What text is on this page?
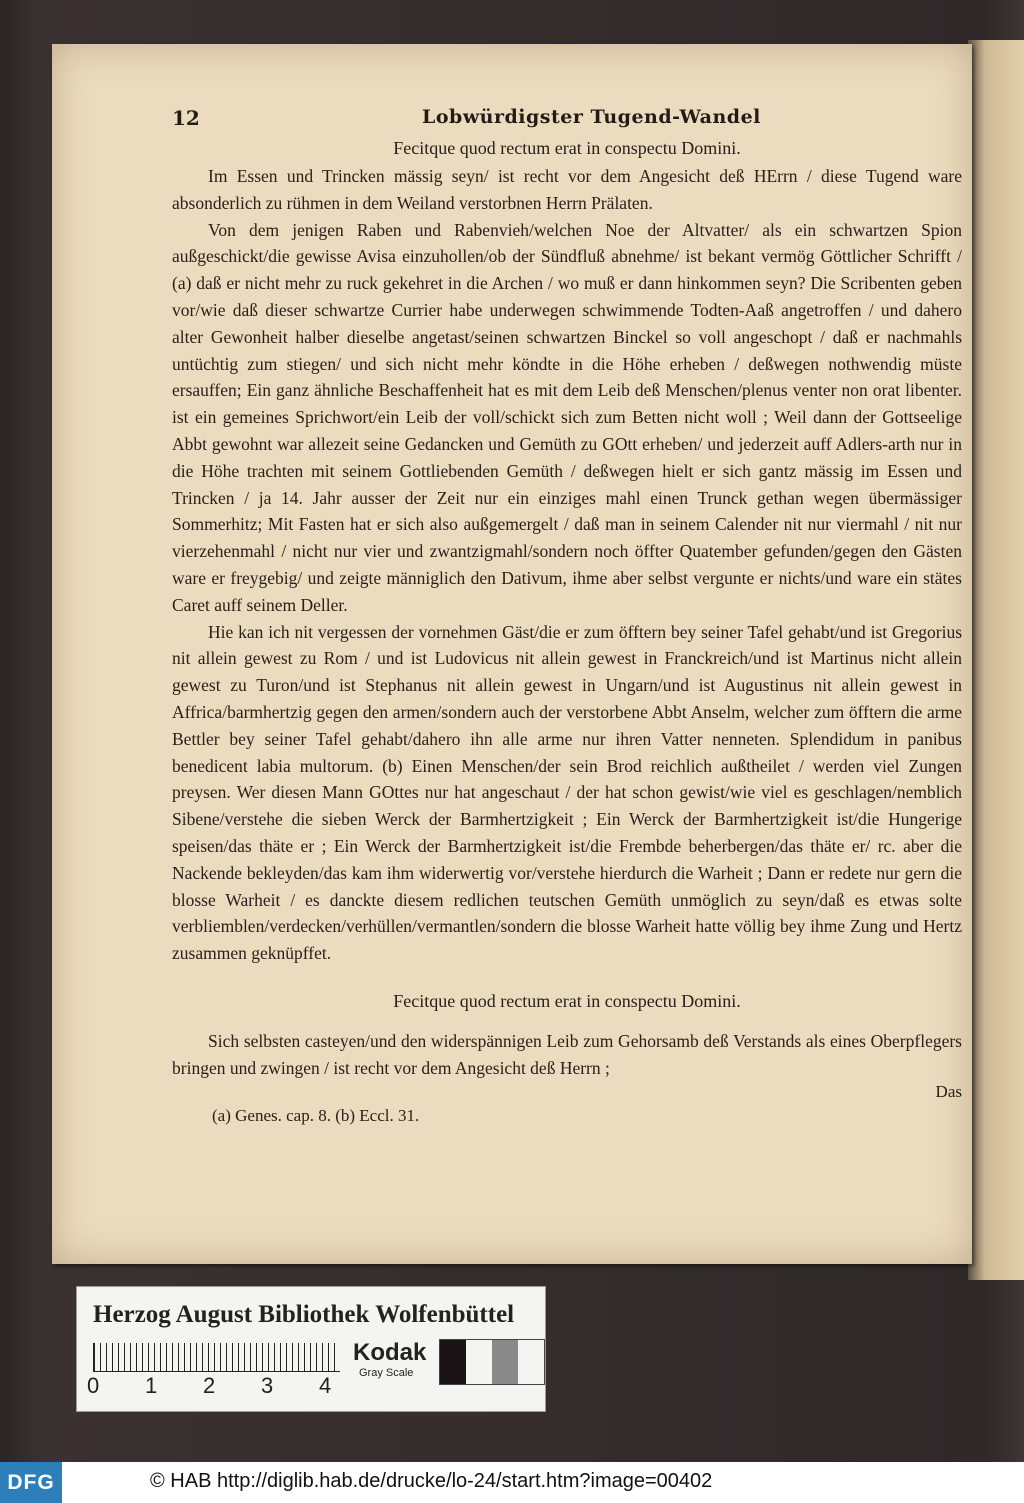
12	Lobwürdigster Tugend-Wandel
Fecitque quod rectum erat in conspectu Domini.

Im Essen und Trincken mässig seyn/ ist recht vor dem Angesicht deß HErrn / diese Tugend ware absonderlich zu rühmen in dem Weiland verstorbnen Herrn Prälaten.

Von dem jenigen Raben und Rabenvieh/welchen Noe der Altvatter/ als ein schwartzen Spion außgeschickt/die gewisse Avisa einzuhollen/ob der Sündfluß abnehme/ ist bekant vermög Göttlicher Schrifft / (a) daß er nicht mehr zu ruck gekehret in die Archen / wo muß er dann hinkommen seyn? Die Scribenten geben vor/wie daß dieser schwartze Currier habe underwegen schwimmende Todten-Aaß angetroffen / und dahero alter Gewonheit halber dieselbe angetast/seinen schwartzen Binckel so voll angeschopt / daß er nachmahls untüchtig zum stiegen/ und sich nicht mehr köndte in die Höhe erheben / deßwegen nothwendig müste ersauffen; Ein ganz ähnliche Beschaffenheit hat es mit dem Leib deß Menschen/plenus venter non orat libenter. ist ein gemeines Sprichwort/ein Leib der voll/schickt sich zum Betten nicht woll ; Weil dann der Gottseelige Abbt gewohnt war allezeit seine Gedancken und Gemüth zu GOtt erheben/ und jederzeit auff Adlers-arth nur in die Höhe trachten mit seinem Gottliebenden Gemüth / deßwegen hielt er sich gantz mässig im Essen und Trincken / ja 14. Jahr ausser der Zeit nur ein einziges mahl einen Trunck gethan wegen übermässiger Sommerhitz; Mit Fasten hat er sich also außgemergelt / daß man in seinem Calender nit nur viermahl / nit nur vierzehenmahl / nicht nur vier und zwantzigmahl/sondern noch öffter Quatember gefunden/gegen den Gästen ware er freygebig/ und zeigte männiglich den Dativum, ihme aber selbst vergunte er nichts/und ware ein stätes Caret auff seinem Deller.

Hie kan ich nit vergessen der vornehmen Gäst/die er zum öfftern bey seiner Tafel gehabt/und ist Gregorius nit allein gewest zu Rom / und ist Ludovicus nit allein gewest in Franckreich/und ist Martinus nicht allein gewest zu Turon/und ist Stephanus nit allein gewest in Ungarn/und ist Augustinus nit allein gewest in Affrica/barmhertzig gegen den armen/sondern auch der verstorbene Abbt Anselm, welcher zum öfftern die arme Bettler bey seiner Tafel gehabt/dahero ihn alle arme nur ihren Vatter nenneten. Splendidum in panibus benedicent labia multorum. (b) Einen Menschen/der sein Brod reichlich außtheilet / werden viel Zungen preysen. Wer diesen Mann GOttes nur hat angeschaut / der hat schon gewist/wie viel es geschlagen/nemblich Sibene/verstehe die sieben Werck der Barmhertzigkeit ; Ein Werck der Barmhertzigkeit ist/die Hungerige speisen/das thäte er ; Ein Werck der Barmhertzigkeit ist/die Frembde beherbergen/das thäte er/ rc. aber die Nackende bekleyden/das kam ihm widerwertig vor/verstehe hierdurch die Warheit ; Dann er redete nur gern die blosse Warheit / es danckte diesem redlichen teutschen Gemüth unmöglich zu seyn/daß es etwas solte verbliemblen/verdecken/verhüllen/vermantlen/sondern die blosse Warheit hatte völlig bey ihme Zung und Hertz zusammen geknüpffet.

Fecitque quod rectum erat in conspectu Domini.

Sich selbsten casteyen/und den widerspännigen Leib zum Gehorsamb deß Verstands als eines Oberpflegers bringen und zwingen / ist recht vor dem Angesicht deß Herrn ;

Das
(a) Genes. cap. 8. (b) Eccl. 31.
Herzog August Bibliothek Wolfenbüttel
0 1 2 3 4
Kodak
Gray Scale
DFG	© HAB http://diglib.hab.de/drucke/lo-24/start.htm?image=00402
